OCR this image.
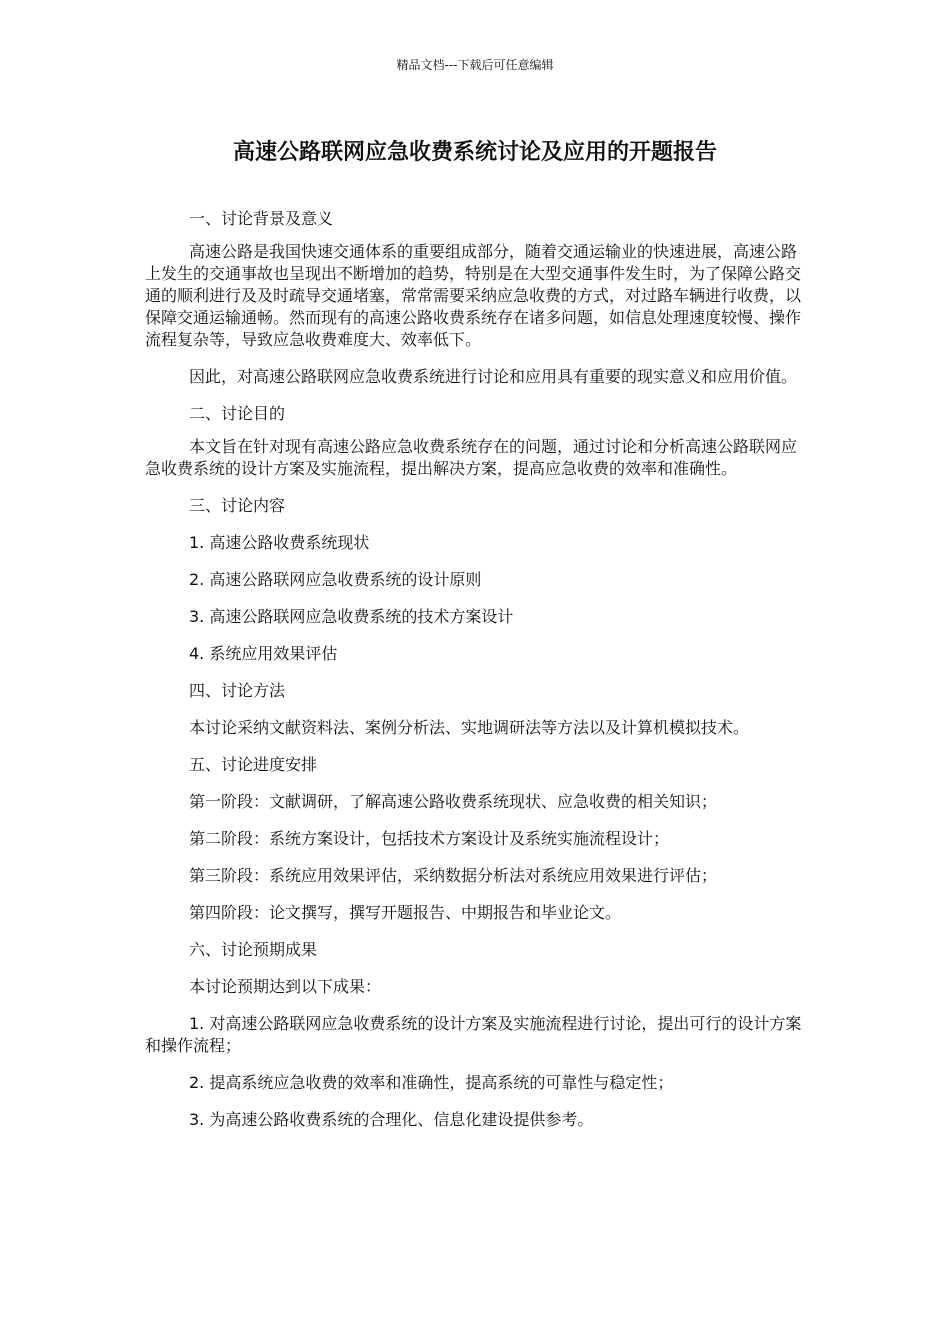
精品文档---下载后可任意编辑
高速公路联网应急收费系统讨论及应用的开题报告

一、讨论背景及意义

高速公路是我国快速交通体系的重要组成部分，随着交通运输业的快速进展，高速公路上发生的交通事故也呈现出不断增加的趋势，特别是在大型交通事件发生时，为了保障公路交通的顺利进行及及时疏导交通堵塞，常常需要采纳应急收费的方式，对过路车辆进行收费，以保障交通运输通畅。然而现有的高速公路收费系统存在诸多问题，如信息处理速度较慢、操作流程复杂等，导致应急收费难度大、效率低下。

因此，对高速公路联网应急收费系统进行讨论和应用具有重要的现实意义和应用价值。

二、讨论目的

本文旨在针对现有高速公路应急收费系统存在的问题，通过讨论和分析高速公路联网应急收费系统的设计方案及实施流程，提出解决方案，提高应急收费的效率和准确性。

三、讨论内容

1. 高速公路收费系统现状

2. 高速公路联网应急收费系统的设计原则

3. 高速公路联网应急收费系统的技术方案设计

4. 系统应用效果评估

四、讨论方法

本讨论采纳文献资料法、案例分析法、实地调研法等方法以及计算机模拟技术。

五、讨论进度安排

第一阶段：文献调研，了解高速公路收费系统现状、应急收费的相关知识；

第二阶段：系统方案设计，包括技术方案设计及系统实施流程设计；

第三阶段：系统应用效果评估，采纳数据分析法对系统应用效果进行评估；

第四阶段：论文撰写，撰写开题报告、中期报告和毕业论文。

六、讨论预期成果

本讨论预期达到以下成果：

1. 对高速公路联网应急收费系统的设计方案及实施流程进行讨论，提出可行的设计方案和操作流程；

2. 提高系统应急收费的效率和准确性，提高系统的可靠性与稳定性；

3. 为高速公路收费系统的合理化、信息化建设提供参考。
